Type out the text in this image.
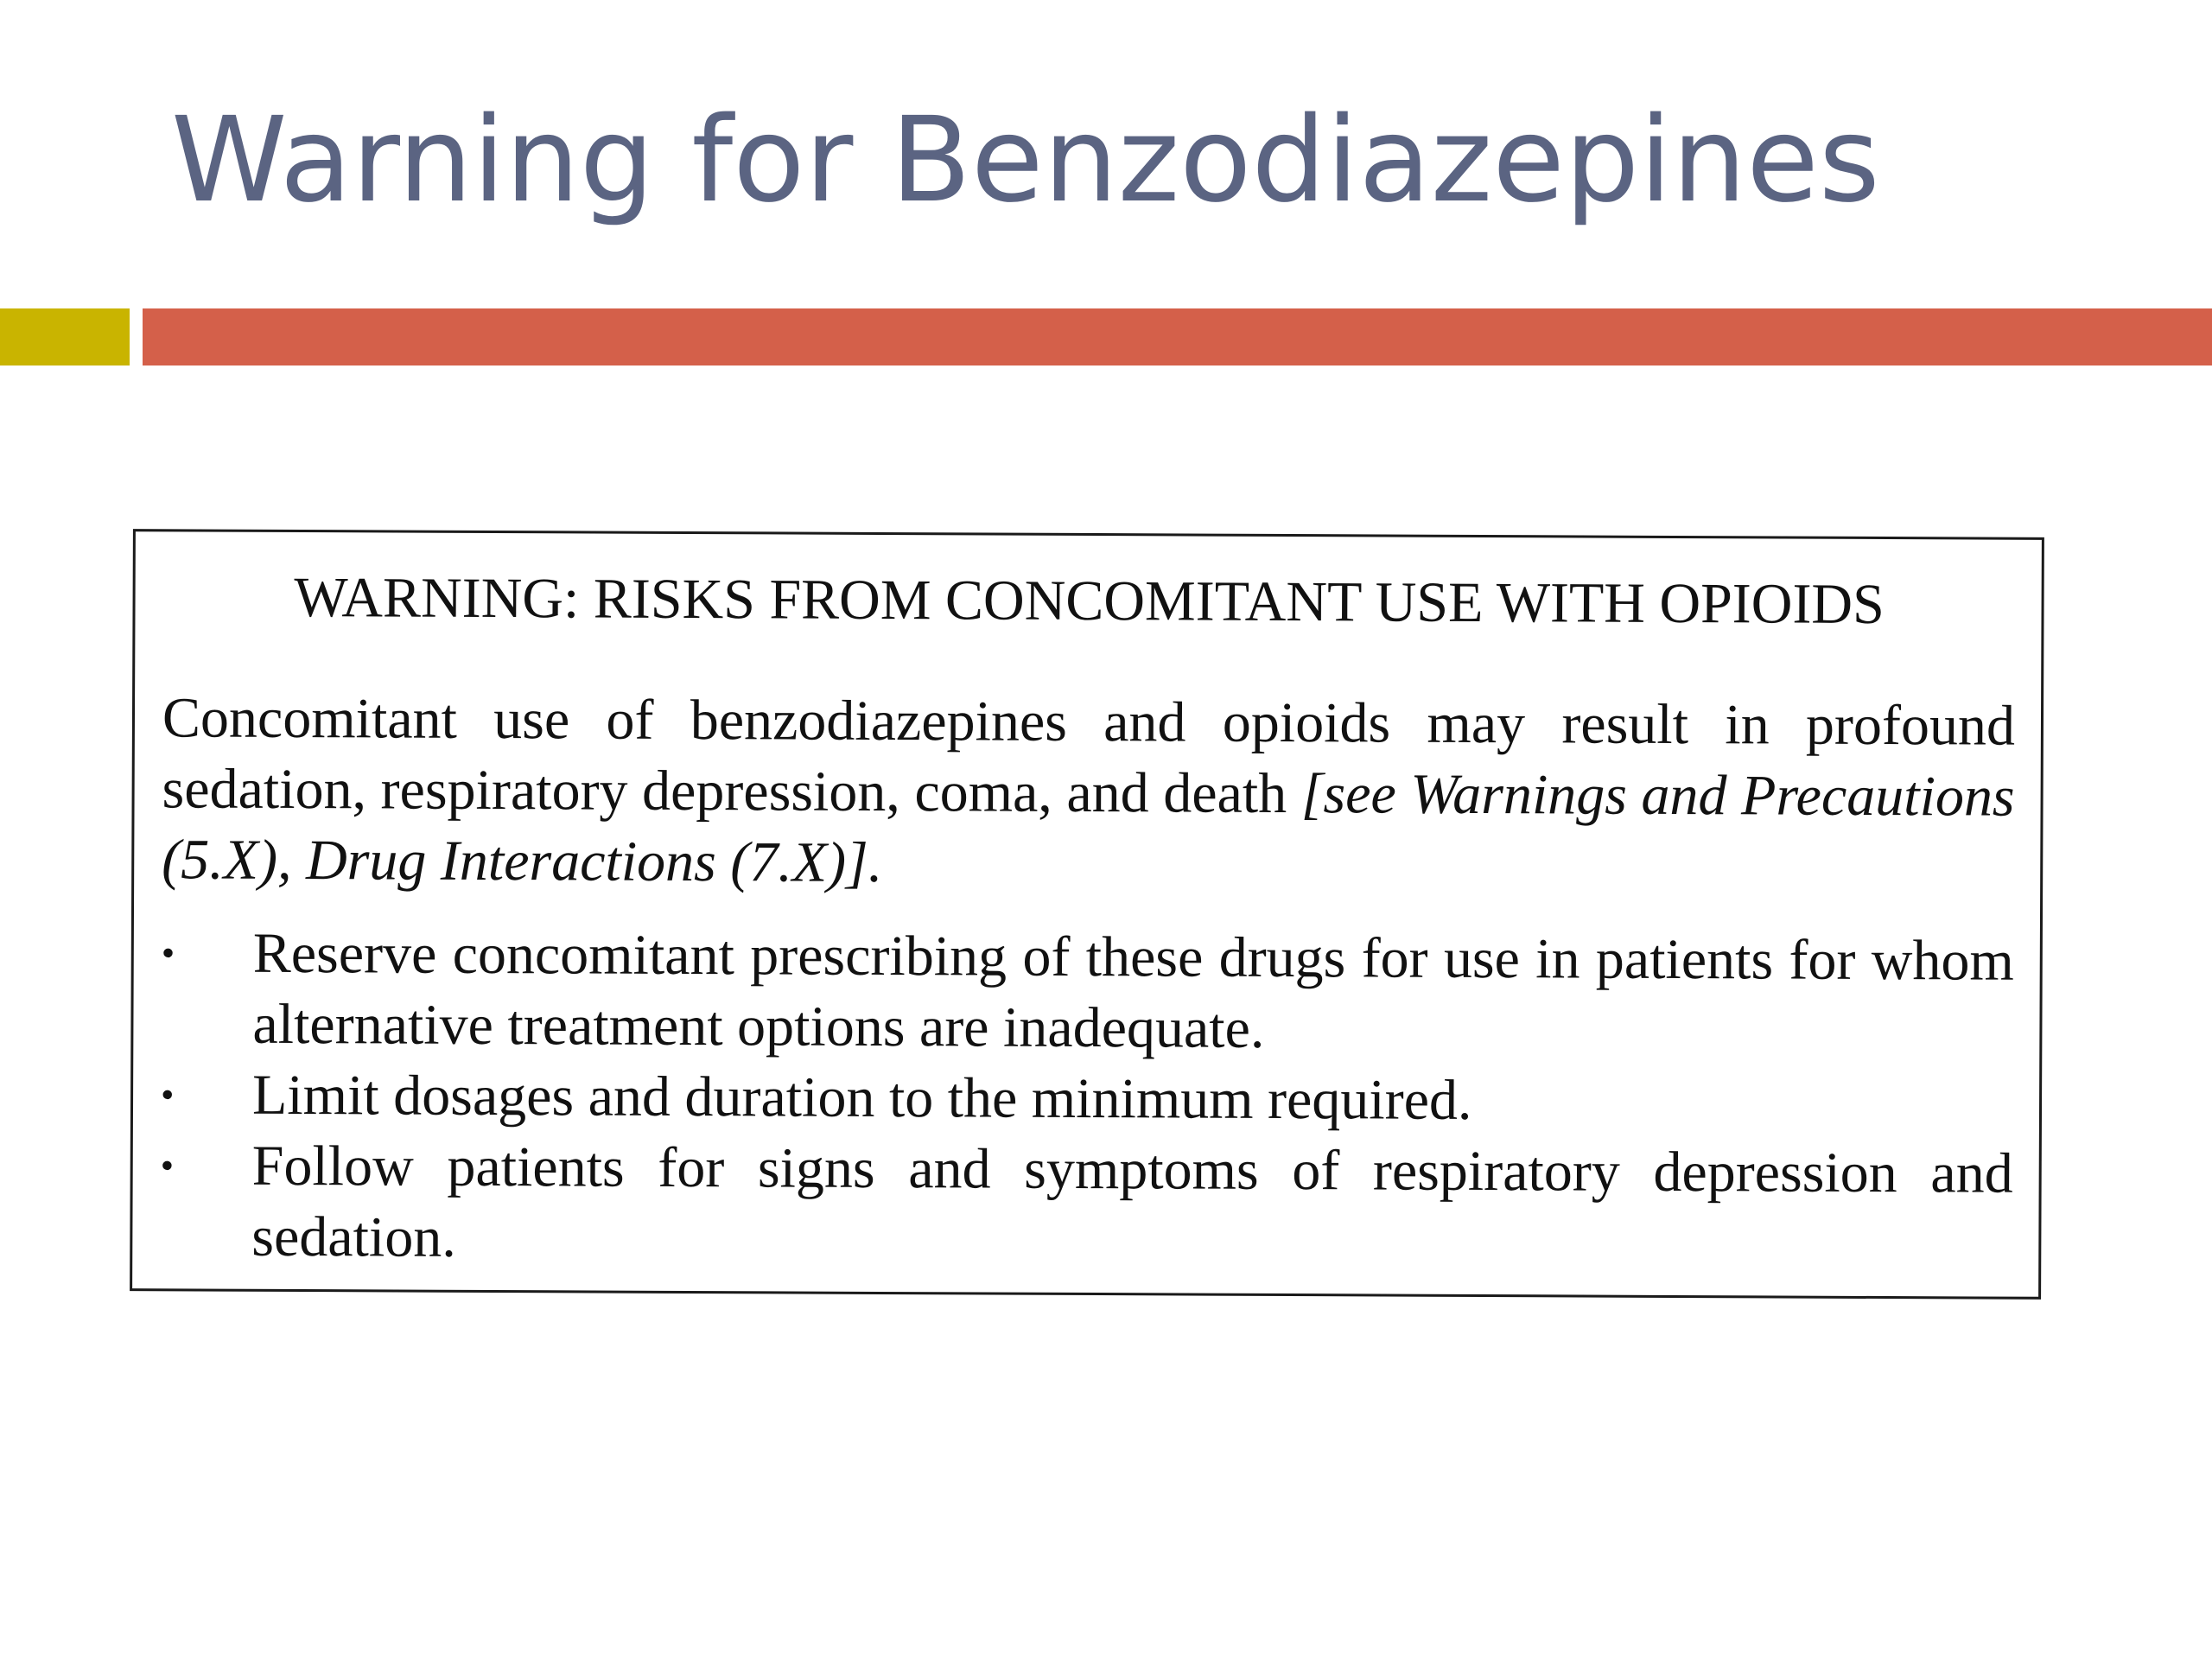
Warning for Benzodiazepines

WARNING: RISKS FROM CONCOMITANT USE WITH OPIOIDS

Concomitant use of benzodiazepines and opioids may result in profound sedation, respiratory depression, coma, and death [see Warnings and Precautions (5.X), Drug Interactions (7.X)].

•	Reserve concomitant prescribing of these drugs for use in patients for whom alternative treatment options are inadequate.
•	Limit dosages and duration to the minimum required.
•	Follow patients for signs and symptoms of respiratory depression and sedation.
